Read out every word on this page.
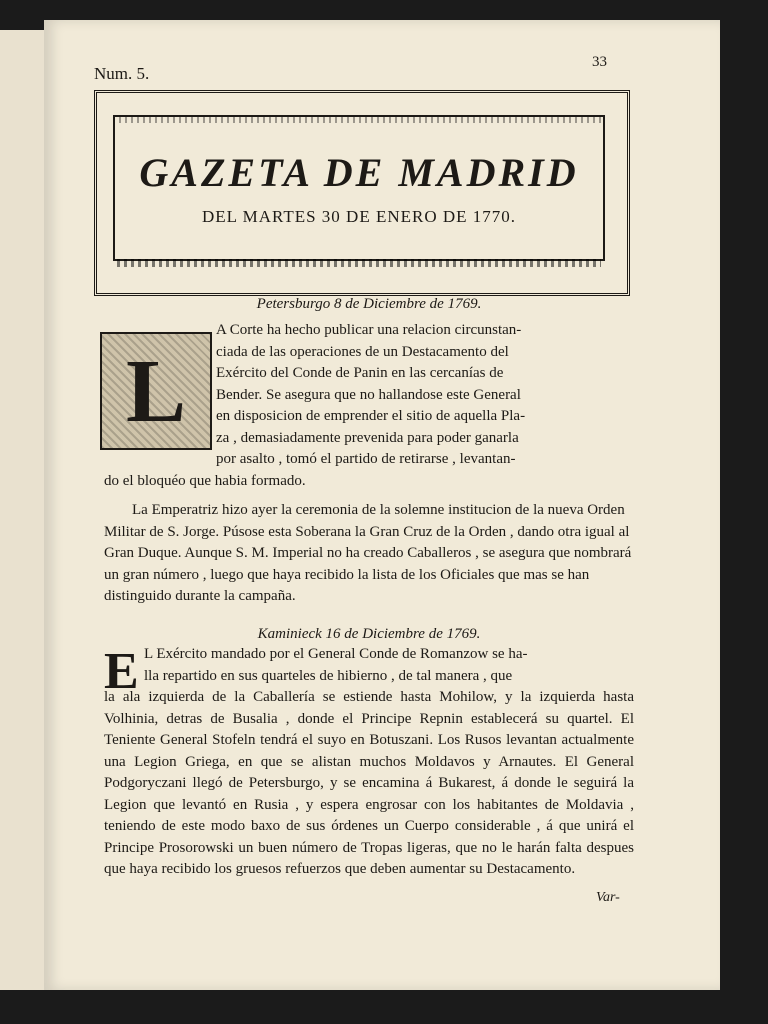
Num. 5.
33
GAZETA DE MADRID
DEL MARTES 30 DE ENERO DE 1770.
Petersburgo 8 de Diciembre de 1769.
L
A Corte ha hecho publicar una relacion circunstan-
ciada de las operaciones de un Destacamento del
Exército del Conde de Panin en las cercanías de
Bender. Se asegura que no hallandose este General
en disposicion de emprender el sitio de aquella Pla-
za , demasiadamente prevenida para poder ganarla
por asalto , tomó el partido de retirarse , levantan-
do el bloquéo que habia formado.
La Emperatriz hizo ayer la ceremonia de la solemne institucion de la nueva Orden Militar de S. Jorge. Púsose esta Soberana la Gran Cruz de la Orden , dando otra igual al Gran Duque. Aunque S. M. Imperial no ha creado Caballeros , se asegura que nombrará un gran número , luego que haya recibido la lista de los Oficiales que mas se han distinguido durante la campaña.
Kaminieck 16 de Diciembre de 1769.
E L Exército mandado por el General Conde de Romanzow se ha-
lla repartido en sus quarteles de hibierno , de tal manera , que
la ala izquierda de la Caballería se estiende hasta Mohilow, y la izquierda hasta Volhinia, detras de Busalia , donde el Principe Repnin establecerá su quartel. El Teniente General Stofeln tendrá el suyo en Botuszani. Los Rusos levantan actualmente una Legion Griega, en que se alistan muchos Moldavos y Arnautes. El General Podgoryczani llegó de Petersburgo, y se encamina á Bukarest, á donde le seguirá la Legion que levantó en Rusia , y espera engrosar con los habitantes de Moldavia , teniendo de este modo baxo de sus órdenes un Cuerpo considerable , á que unirá el Principe Prosorowski un buen número de Tropas ligeras, que no le harán falta despues que haya recibido los gruesos refuerzos que deben aumentar su Destacamento.
Var-
